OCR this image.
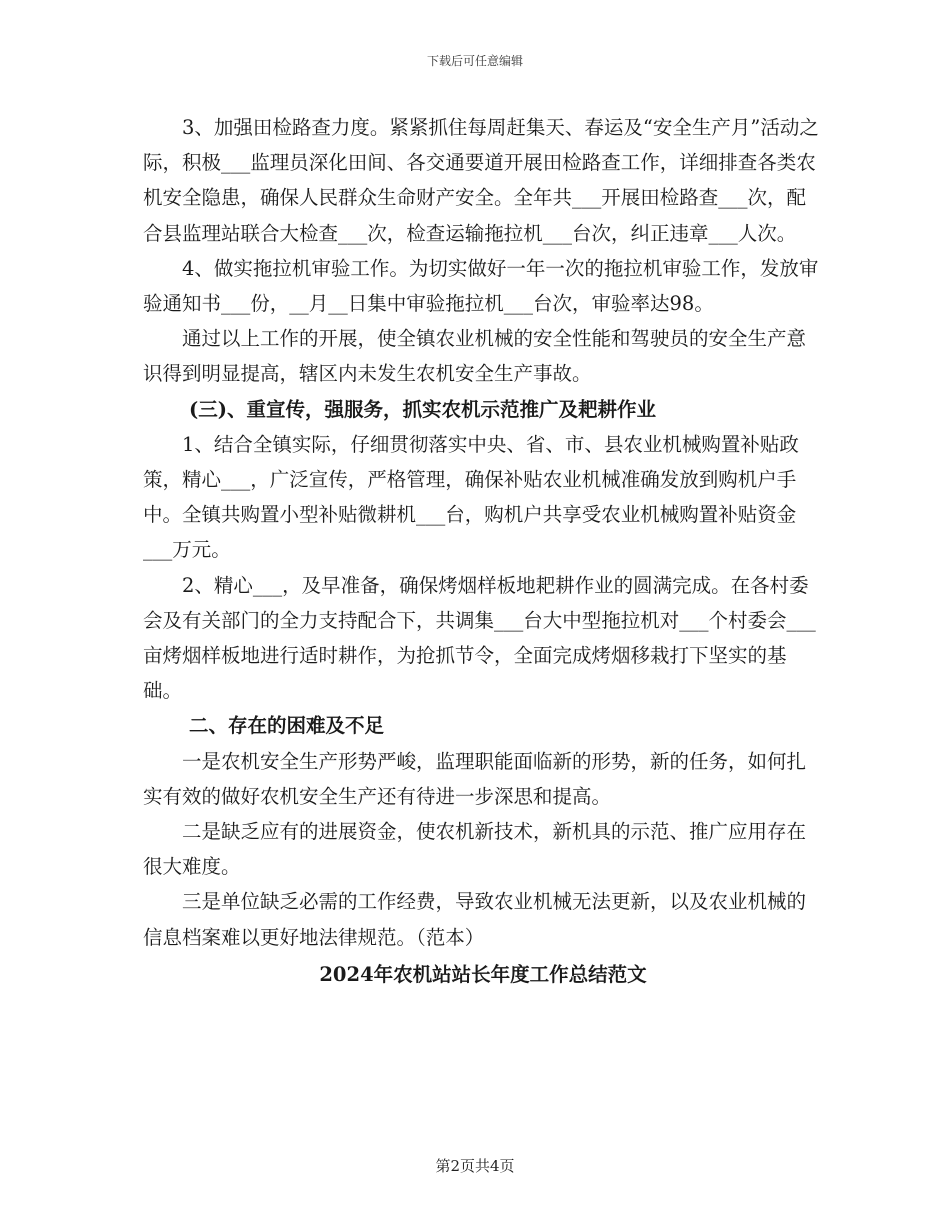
下载后可任意编辑

3、加强田检路查力度。紧紧抓住每周赶集天、春运及“安全生产月”活动之际，积极___监理员深化田间、各交通要道开展田检路查工作，详细排查各类农机安全隐患，确保人民群众生命财产安全。全年共___开展田检路查___次，配合县监理站联合大检查___次，检查运输拖拉机___台次，纠正违章___人次。

4、做实拖拉机审验工作。为切实做好一年一次的拖拉机审验工作，发放审验通知书___份，__月__日集中审验拖拉机___台次，审验率达98。

通过以上工作的开展，使全镇农业机械的安全性能和驾驶员的安全生产意识得到明显提高，辖区内未发生农机安全生产事故。

(三)、重宣传，强服务，抓实农机示范推广及耙耕作业

1、结合全镇实际，仔细贯彻落实中央、省、市、县农业机械购置补贴政策，精心___，广泛宣传，严格管理，确保补贴农业机械准确发放到购机户手中。全镇共购置小型补贴微耕机___台，购机户共享受农业机械购置补贴资金___万元。

2、精心___，及早准备，确保烤烟样板地耙耕作业的圆满完成。在各村委会及有关部门的全力支持配合下，共调集___台大中型拖拉机对___个村委会___亩烤烟样板地进行适时耕作，为抢抓节令，全面完成烤烟移栽打下坚实的基础。

二、存在的困难及不足

一是农机安全生产形势严峻，监理职能面临新的形势，新的任务，如何扎实有效的做好农机安全生产还有待进一步深思和提高。

二是缺乏应有的进展资金，使农机新技术，新机具的示范、推广应用存在很大难度。

三是单位缺乏必需的工作经费，导致农业机械无法更新，以及农业机械的信息档案难以更好地法律规范。（范本）

2024年农机站站长年度工作总结范文

第2页共4页
